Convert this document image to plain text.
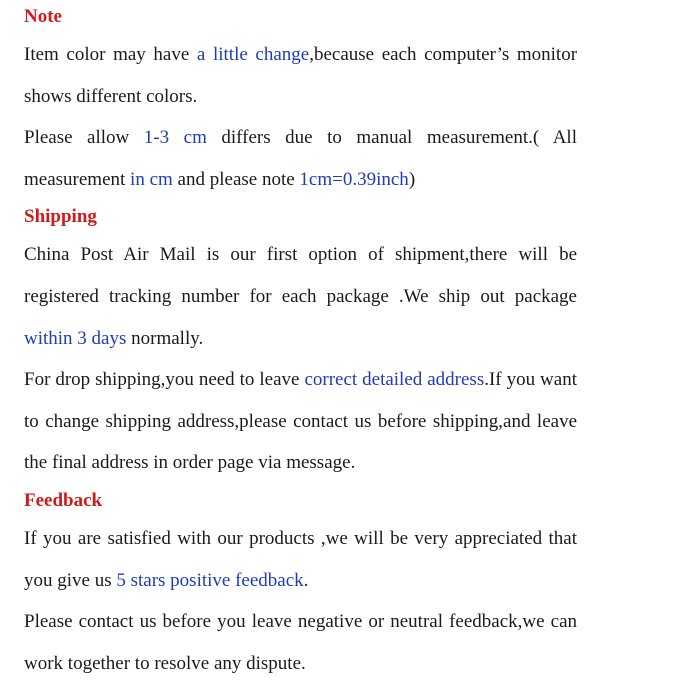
Note

Item color may have a little change,because each computer’s monitor shows different colors.

Please allow 1-3 cm differs due to manual measurement.( All measurement in cm and please note 1cm=0.39inch)

Shipping

China Post Air Mail is our first option of shipment,there will be registered tracking number for each package .We ship out package within 3 days normally.

For drop shipping,you need to leave correct detailed address.If you want to change shipping address,please contact us before shipping,and leave the final address in order page via message.

Feedback

If you are satisfied with our products ,we will be very appreciated that you give us 5 stars positive feedback.

Please contact us before you leave negative or neutral feedback,we can work together to resolve any dispute.
